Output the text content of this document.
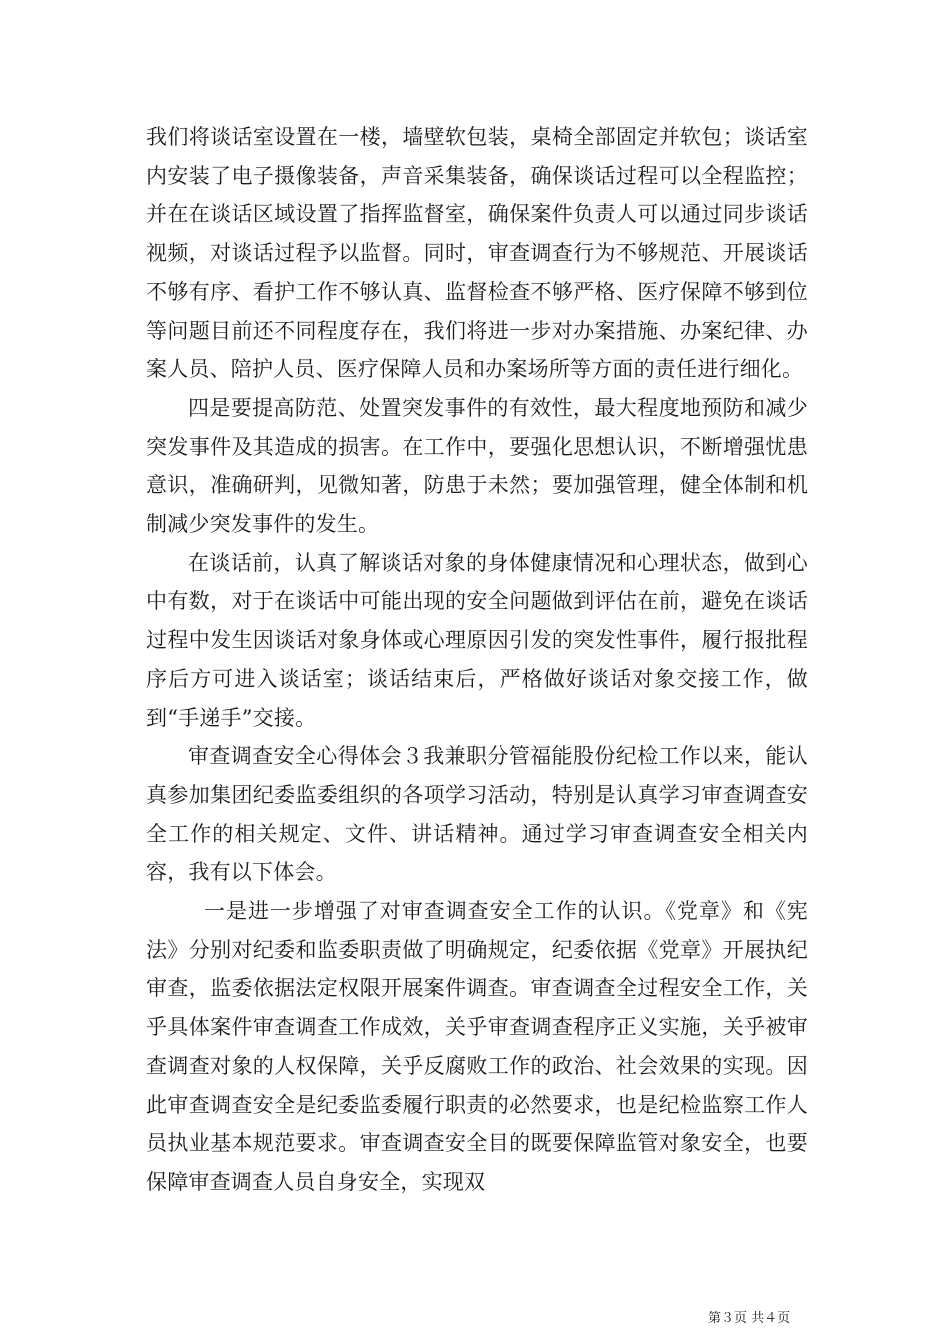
我们将谈话室设置在一楼，墙壁软包装，桌椅全部固定并软包；谈话室内安装了电子摄像装备，声音采集装备，确保谈话过程可以全程监控；并在在谈话区域设置了指挥监督室，确保案件负责人可以通过同步谈话视频，对谈话过程予以监督。同时，审查调查行为不够规范、开展谈话不够有序、看护工作不够认真、监督检查不够严格、医疗保障不够到位等问题目前还不同程度存在，我们将进一步对办案措施、办案纪律、办案人员、陪护人员、医疗保障人员和办案场所等方面的责任进行细化。

四是要提高防范、处置突发事件的有效性，最大程度地预防和减少突发事件及其造成的损害。在工作中，要强化思想认识，不断增强忧患意识，准确研判，见微知著，防患于未然；要加强管理，健全体制和机制减少突发事件的发生。

在谈话前，认真了解谈话对象的身体健康情况和心理状态，做到心中有数，对于在谈话中可能出现的安全问题做到评估在前，避免在谈话过程中发生因谈话对象身体或心理原因引发的突发性事件，履行报批程序后方可进入谈话室；谈话结束后，严格做好谈话对象交接工作，做到“手递手”交接。

审查调查安全心得体会３我兼职分管福能股份纪检工作以来，能认真参加集团纪委监委组织的各项学习活动，特别是认真学习审查调查安全工作的相关规定、文件、讲话精神。通过学习审查调查安全相关内容，我有以下体会。

一是进一步增强了对审查调查安全工作的认识。《党章》和《宪法》分别对纪委和监委职责做了明确规定，纪委依据《党章》开展执纪审查，监委依据法定权限开展案件调查。审查调查全过程安全工作，关乎具体案件审查调查工作成效，关乎审查调查程序正义实施，关乎被审查调查对象的人权保障，关乎反腐败工作的政治、社会效果的实现。因此审查调查安全是纪委监委履行职责的必然要求，也是纪检监察工作人员执业基本规范要求。审查调查安全目的既要保障监管对象安全，也要保障审查调查人员自身安全，实现双

第３页 共４页
